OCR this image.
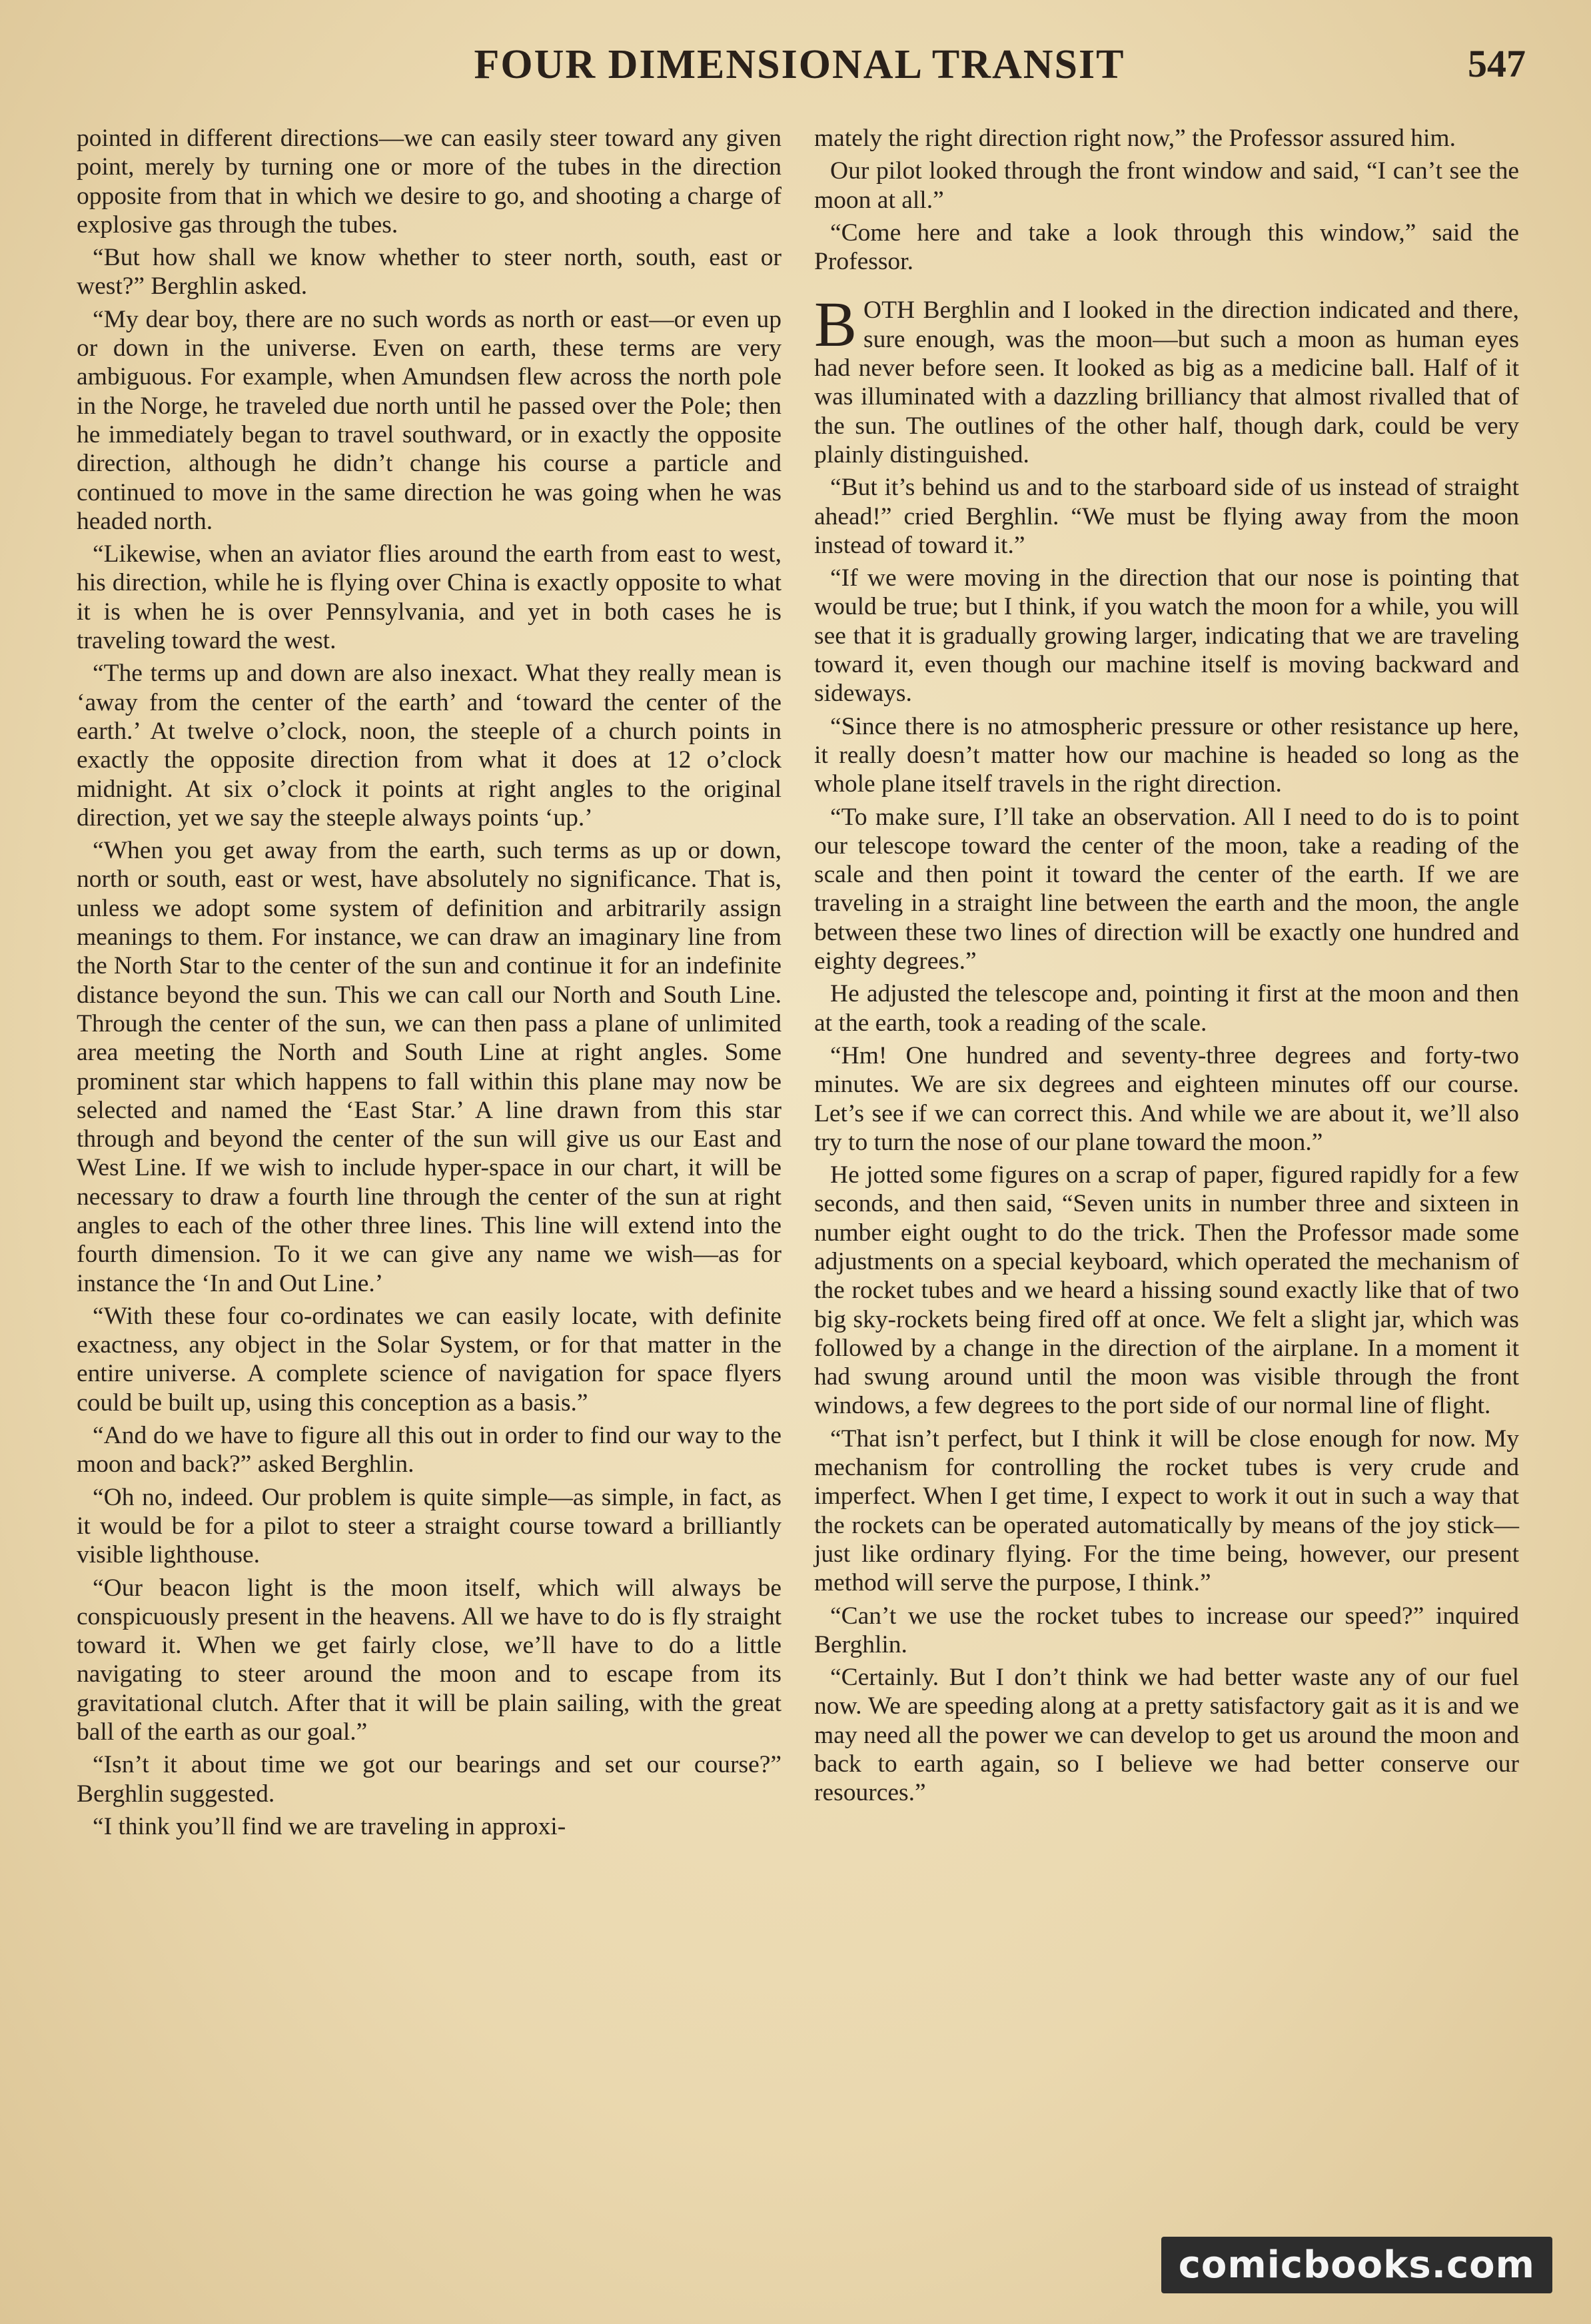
FOUR DIMENSIONAL TRANSIT	547

pointed in different directions—we can easily steer toward any given point, merely by turning one or more of the tubes in the direction opposite from that in which we desire to go, and shooting a charge of explosive gas through the tubes.

“But how shall we know whether to steer north, south, east or west?” Berghlin asked.

“My dear boy, there are no such words as north or east—or even up or down in the universe. Even on earth, these terms are very ambiguous. For example, when Amundsen flew across the north pole in the Norge, he traveled due north until he passed over the Pole; then he immediately began to travel southward, or in exactly the opposite direction, although he didn’t change his course a particle and continued to move in the same direction he was going when he was headed north.

“Likewise, when an aviator flies around the earth from east to west, his direction, while he is flying over China is exactly opposite to what it is when he is over Pennsylvania, and yet in both cases he is traveling toward the west.

“The terms up and down are also inexact. What they really mean is ‘away from the center of the earth’ and ‘toward the center of the earth.’ At twelve o’clock, noon, the steeple of a church points in exactly the opposite direction from what it does at 12 o’clock midnight. At six o’clock it points at right angles to the original direction, yet we say the steeple always points ‘up.’

“When you get away from the earth, such terms as up or down, north or south, east or west, have absolutely no significance. That is, unless we adopt some system of definition and arbitrarily assign meanings to them. For instance, we can draw an imaginary line from the North Star to the center of the sun and continue it for an indefinite distance beyond the sun. This we can call our North and South Line. Through the center of the sun, we can then pass a plane of unlimited area meeting the North and South Line at right angles. Some prominent star which happens to fall within this plane may now be selected and named the ‘East Star.’ A line drawn from this star through and beyond the center of the sun will give us our East and West Line. If we wish to include hyper-space in our chart, it will be necessary to draw a fourth line through the center of the sun at right angles to each of the other three lines. This line will extend into the fourth dimension. To it we can give any name we wish—as for instance the ‘In and Out Line.’

“With these four co-ordinates we can easily locate, with definite exactness, any object in the Solar System, or for that matter in the entire universe. A complete science of navigation for space flyers could be built up, using this conception as a basis.”

“And do we have to figure all this out in order to find our way to the moon and back?” asked Berghlin.

“Oh no, indeed. Our problem is quite simple—as simple, in fact, as it would be for a pilot to steer a straight course toward a brilliantly visible lighthouse.

“Our beacon light is the moon itself, which will always be conspicuously present in the heavens. All we have to do is fly straight toward it. When we get fairly close, we’ll have to do a little navigating to steer around the moon and to escape from its gravitational clutch. After that it will be plain sailing, with the great ball of the earth as our goal.”

“Isn’t it about time we got our bearings and set our course?” Berghlin suggested.

“I think you’ll find we are traveling in approxi-

mately the right direction right now,” the Professor assured him.

Our pilot looked through the front window and said, “I can’t see the moon at all.”

“Come here and take a look through this window,” said the Professor.

BOTH Berghlin and I looked in the direction indicated and there, sure enough, was the moon—but such a moon as human eyes had never before seen. It looked as big as a medicine ball. Half of it was illuminated with a dazzling brilliancy that almost rivalled that of the sun. The outlines of the other half, though dark, could be very plainly distinguished.

“But it’s behind us and to the starboard side of us instead of straight ahead!” cried Berghlin. “We must be flying away from the moon instead of toward it.”

“If we were moving in the direction that our nose is pointing that would be true; but I think, if you watch the moon for a while, you will see that it is gradually growing larger, indicating that we are traveling toward it, even though our machine itself is moving backward and sideways.

“Since there is no atmospheric pressure or other resistance up here, it really doesn’t matter how our machine is headed so long as the whole plane itself travels in the right direction.

“To make sure, I’ll take an observation. All I need to do is to point our telescope toward the center of the moon, take a reading of the scale and then point it toward the center of the earth. If we are traveling in a straight line between the earth and the moon, the angle between these two lines of direction will be exactly one hundred and eighty degrees.”

He adjusted the telescope and, pointing it first at the moon and then at the earth, took a reading of the scale.

“Hm! One hundred and seventy-three degrees and forty-two minutes. We are six degrees and eighteen minutes off our course. Let’s see if we can correct this. And while we are about it, we’ll also try to turn the nose of our plane toward the moon.”

He jotted some figures on a scrap of paper, figured rapidly for a few seconds, and then said, “Seven units in number three and sixteen in number eight ought to do the trick. Then the Professor made some adjustments on a special keyboard, which operated the mechanism of the rocket tubes and we heard a hissing sound exactly like that of two big sky-rockets being fired off at once. We felt a slight jar, which was followed by a change in the direction of the airplane. In a moment it had swung around until the moon was visible through the front windows, a few degrees to the port side of our normal line of flight.

“That isn’t perfect, but I think it will be close enough for now. My mechanism for controlling the rocket tubes is very crude and imperfect. When I get time, I expect to work it out in such a way that the rockets can be operated automatically by means of the joy stick—just like ordinary flying. For the time being, however, our present method will serve the purpose, I think.”

“Can’t we use the rocket tubes to increase our speed?” inquired Berghlin.

“Certainly. But I don’t think we had better waste any of our fuel now. We are speeding along at a pretty satisfactory gait as it is and we may need all the power we can develop to get us around the moon and back to earth again, so I believe we had better conserve our resources.”

comicbooks.com
